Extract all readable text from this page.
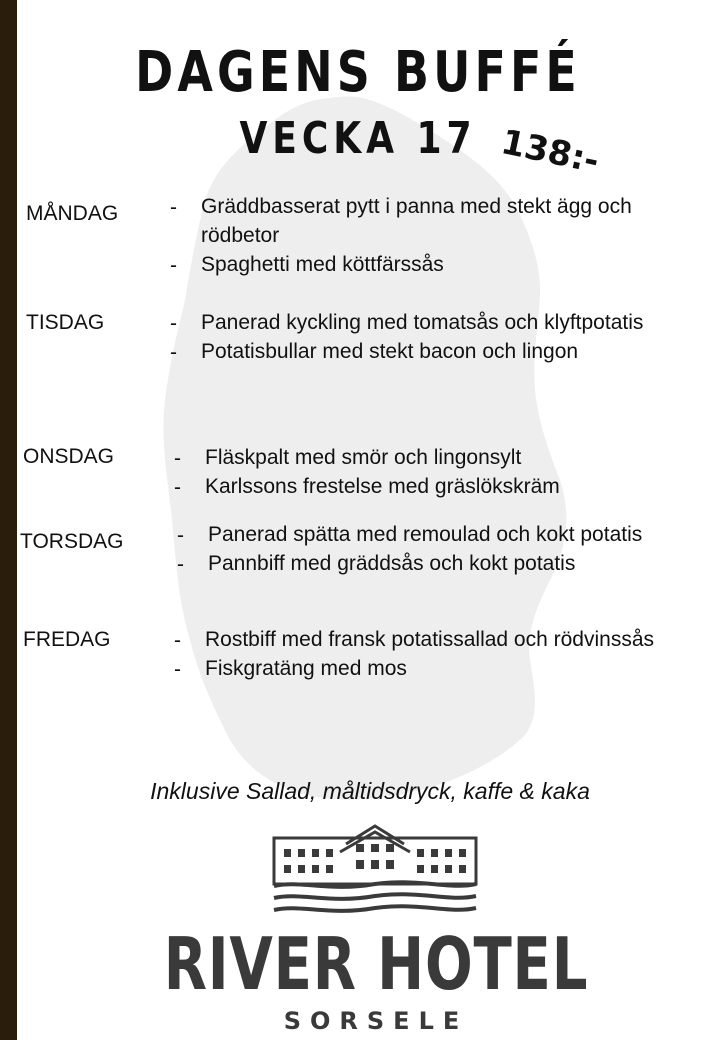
DAGENS BUFFÉ
VECKA 17 138:-
MÅNDAG - Gräddbasserat pytt i panna med stekt ägg och
rödbetor
- Spaghetti med köttfärssås
TISDAG	- Panerad kyckling med tomatsås och klyftpotatis
- Potatisbullar med stekt bacon och lingon
ONSDAG	- Fläskpalt med smör och lingonsylt
- Karlssons frestelse med gräslökskräm
TORSDAG	- Panerad spätta med remoulad och kokt potatis
- Pannbiff med gräddsås och kokt potatis
FREDAG	- Rostbiff med fransk potatissallad och rödvinssås
- Fiskgratäng med mos
Inklusive Sallad, måltidsdryck, kaffe & kaka
RIVER HOTEL
SORSELE
